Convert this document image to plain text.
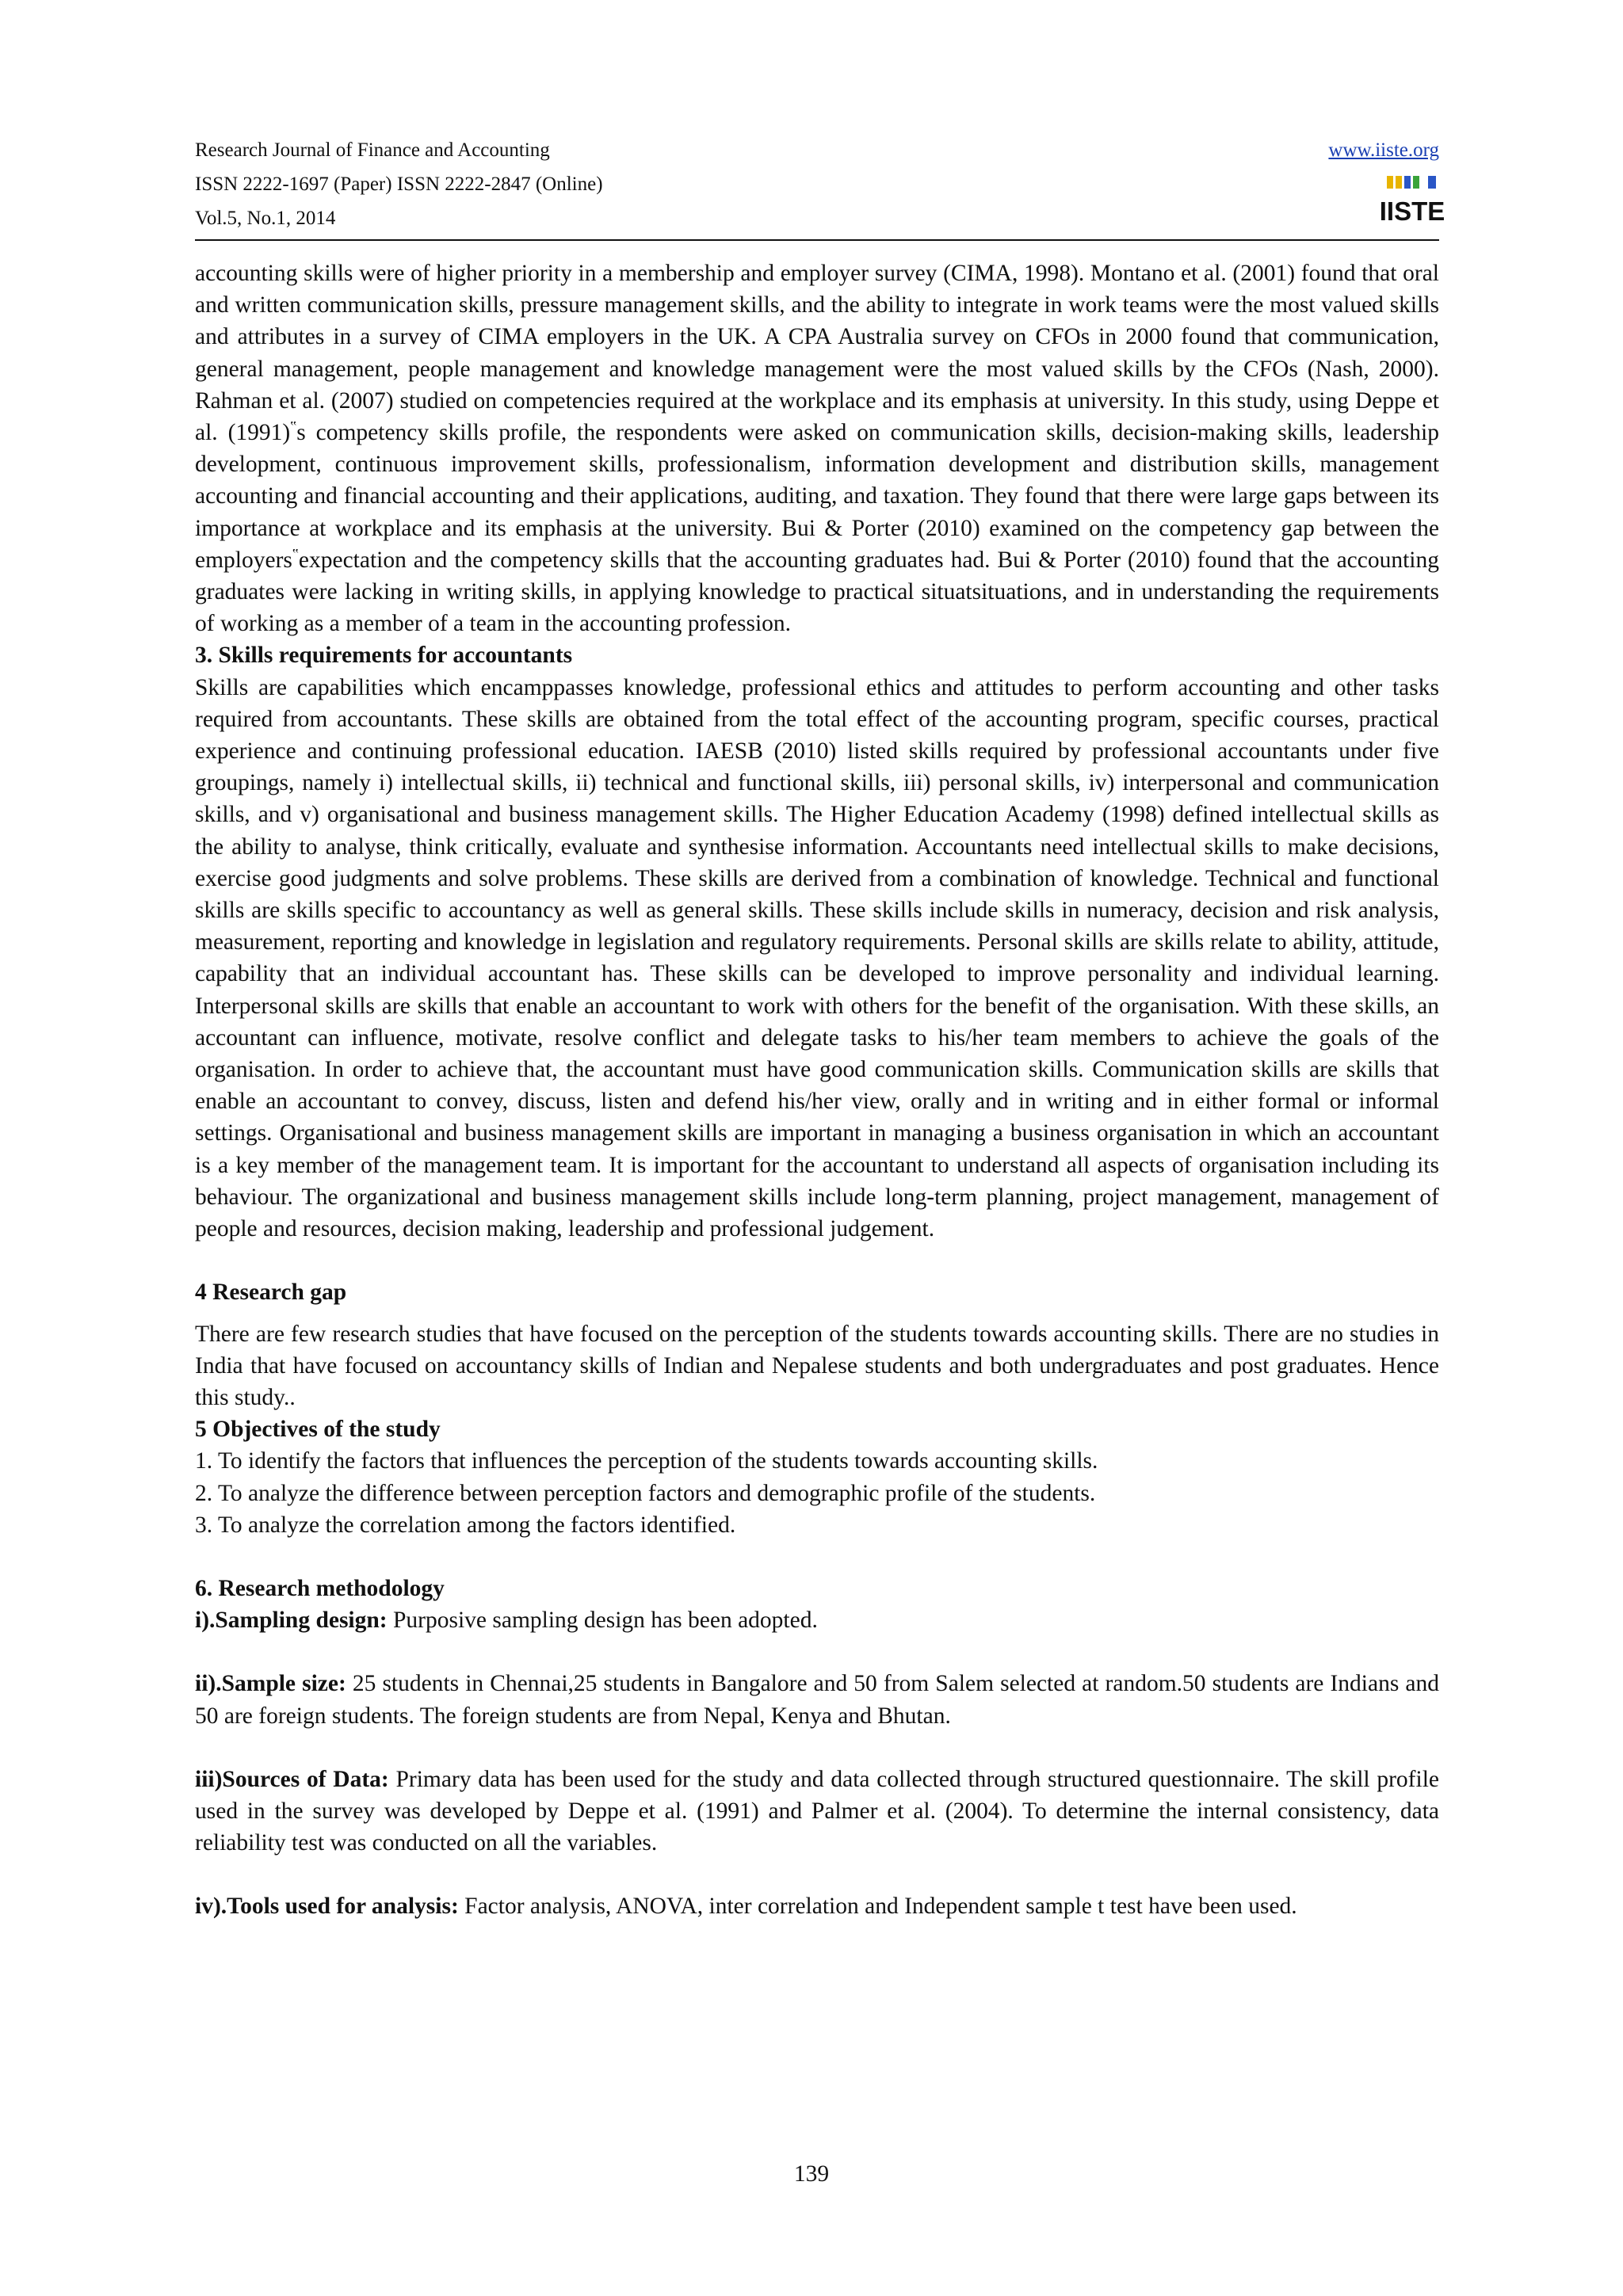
Research Journal of Finance and Accounting	www.iiste.org
ISSN 2222-1697 (Paper) ISSN 2222-2847 (Online)
Vol.5, No.1, 2014	IISTE

accounting skills were of higher priority in a membership and employer survey (CIMA, 1998). Montano et al. (2001) found that oral and written communication skills, pressure management skills, and the ability to integrate in work teams were the most valued skills and attributes in a survey of CIMA employers in the UK. A CPA Australia survey on CFOs in 2000 found that communication, general management, people management and knowledge management were the most valued skills by the CFOs (Nash, 2000). Rahman et al. (2007) studied on competencies required at the workplace and its emphasis at university. In this study, using Deppe et al. (1991)‟s competency skills profile, the respondents were asked on communication skills, decision-making skills, leadership development, continuous improvement skills, professionalism, information development and distribution skills, management accounting and financial accounting and their applications, auditing, and taxation. They found that there were large gaps between its importance at workplace and its emphasis at the university. Bui & Porter (2010) examined on the competency gap between the employers‟expectation and the competency skills that the accounting graduates had. Bui & Porter (2010) found that the accounting graduates were lacking in writing skills, in applying knowledge to practical situatsituations, and in understanding the requirements of working as a member of a team in the accounting profession.

3. Skills requirements for accountants

Skills are capabilities which encamppasses knowledge, professional ethics and attitudes to perform accounting and other tasks required from accountants. These skills are obtained from the total effect of the accounting program, specific courses, practical experience and continuing professional education. IAESB (2010) listed skills required by professional accountants under five groupings, namely i) intellectual skills, ii) technical and functional skills, iii) personal skills, iv) interpersonal and communication skills, and v) organisational and business management skills. The Higher Education Academy (1998) defined intellectual skills as the ability to analyse, think critically, evaluate and synthesise information. Accountants need intellectual skills to make decisions, exercise good judgments and solve problems. These skills are derived from a combination of knowledge. Technical and functional skills are skills specific to accountancy as well as general skills. These skills include skills in numeracy, decision and risk analysis, measurement, reporting and knowledge in legislation and regulatory requirements. Personal skills are skills relate to ability, attitude, capability that an individual accountant has. These skills can be developed to improve personality and individual learning. Interpersonal skills are skills that enable an accountant to work with others for the benefit of the organisation. With these skills, an accountant can influence, motivate, resolve conflict and delegate tasks to his/her team members to achieve the goals of the organisation. In order to achieve that, the accountant must have good communication skills. Communication skills are skills that enable an accountant to convey, discuss, listen and defend his/her view, orally and in writing and in either formal or informal settings. Organisational and business management skills are important in managing a business organisation in which an accountant is a key member of the management team. It is important for the accountant to understand all aspects of organisation including its behaviour. The organizational and business management skills include long-term planning, project management, management of people and resources, decision making, leadership and professional judgement.

4 Research gap

There are few research studies that have focused on the perception of the students towards accounting skills. There are no studies in India that have focused on accountancy skills of Indian and Nepalese students and both undergraduates and post graduates. Hence this study..

5 Objectives of the study

1. To identify the factors that influences the perception of the students towards accounting skills.

2. To analyze the difference between perception factors and demographic profile of the students.

3. To analyze the correlation among the factors identified.

6. Research methodology

i).Sampling design: Purposive sampling design has been adopted.

ii).Sample size: 25 students in Chennai,25 students in Bangalore and 50 from Salem selected at random.50 students are Indians and 50 are foreign students. The foreign students are from Nepal, Kenya and Bhutan.

iii)Sources of Data: Primary data has been used for the study and data collected through structured questionnaire. The skill profile used in the survey was developed by Deppe et al. (1991) and Palmer et al. (2004). To determine the internal consistency, data reliability test was conducted on all the variables.

iv).Tools used for analysis: Factor analysis, ANOVA, inter correlation and Independent sample t test have been used.

139
